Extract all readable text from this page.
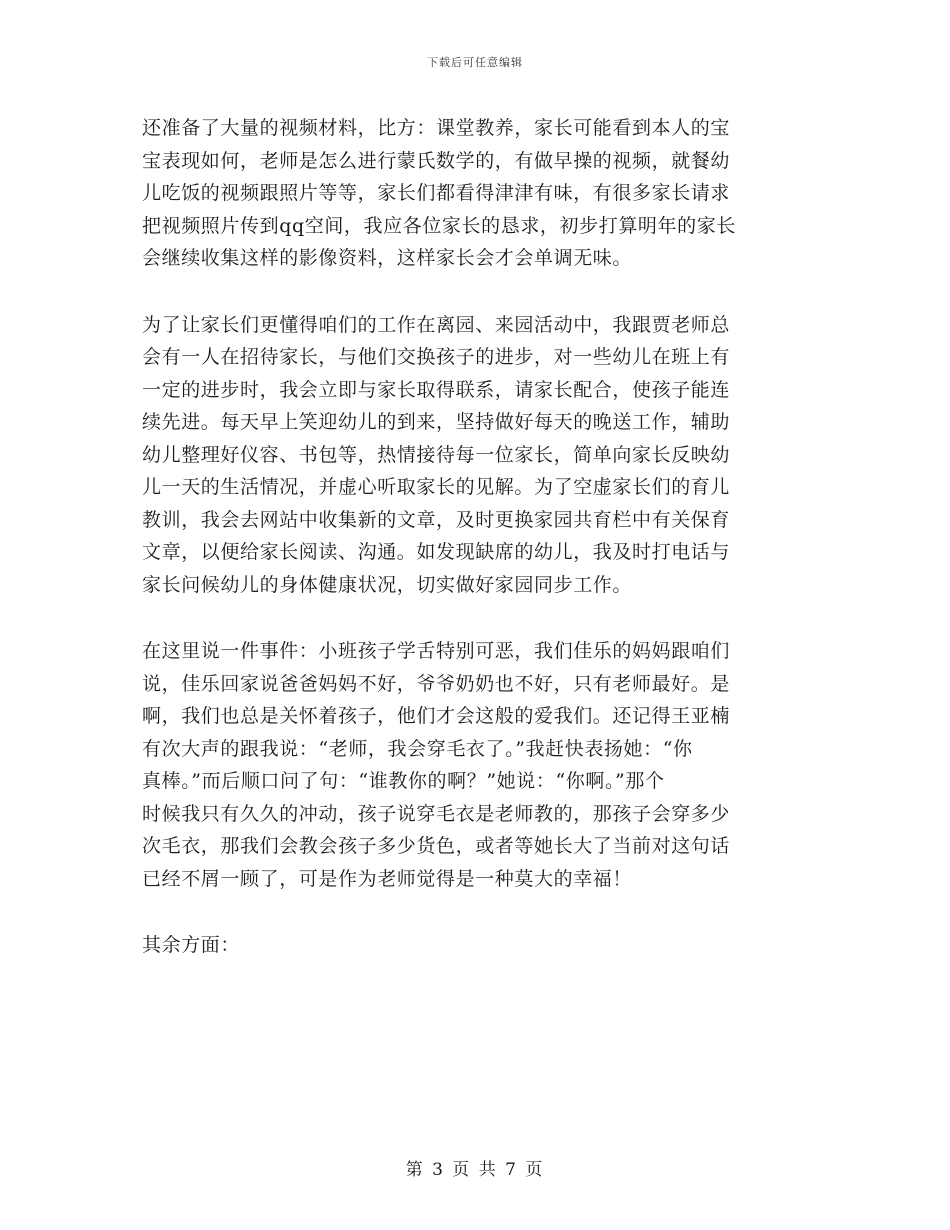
下载后可任意编辑

还准备了大量的视频材料，比方：课堂教养，家长可能看到本人的宝
宝表现如何，老师是怎么进行蒙氏数学的，有做早操的视频，就餐幼
儿吃饭的视频跟照片等等，家长们都看得津津有味，有很多家长请求
把视频照片传到qq空间，我应各位家长的恳求，初步打算明年的家长
会继续收集这样的影像资料，这样家长会才会单调无味。

为了让家长们更懂得咱们的工作在离园、来园活动中，我跟贾老师总
会有一人在招待家长，与他们交换孩子的进步，对一些幼儿在班上有
一定的进步时，我会立即与家长取得联系，请家长配合，使孩子能连
续先进。每天早上笑迎幼儿的到来，坚持做好每天的晚送工作，辅助
幼儿整理好仪容、书包等，热情接待每一位家长，简单向家长反映幼
儿一天的生活情况，并虚心听取家长的见解。为了空虚家长们的育儿
教训，我会去网站中收集新的文章，及时更换家园共育栏中有关保育
文章，以便给家长阅读、沟通。如发现缺席的幼儿，我及时打电话与
家长问候幼儿的身体健康状况，切实做好家园同步工作。

在这里说一件事件：小班孩子学舌特别可恶，我们佳乐的妈妈跟咱们
说，佳乐回家说爸爸妈妈不好，爷爷奶奶也不好，只有老师最好。是
啊，我们也总是关怀着孩子，他们才会这般的爱我们。还记得王亚楠
有次大声的跟我说：“老师，我会穿毛衣了。”我赶快表扬她：“你
真棒。”而后顺口问了句：“谁教你的啊？”她说：“你啊。”那个
时候我只有久久的冲动，孩子说穿毛衣是老师教的，那孩子会穿多少
次毛衣，那我们会教会孩子多少货色，或者等她长大了当前对这句话
已经不屑一顾了，可是作为老师觉得是一种莫大的幸福！

其余方面：

第 3 页 共 7 页
